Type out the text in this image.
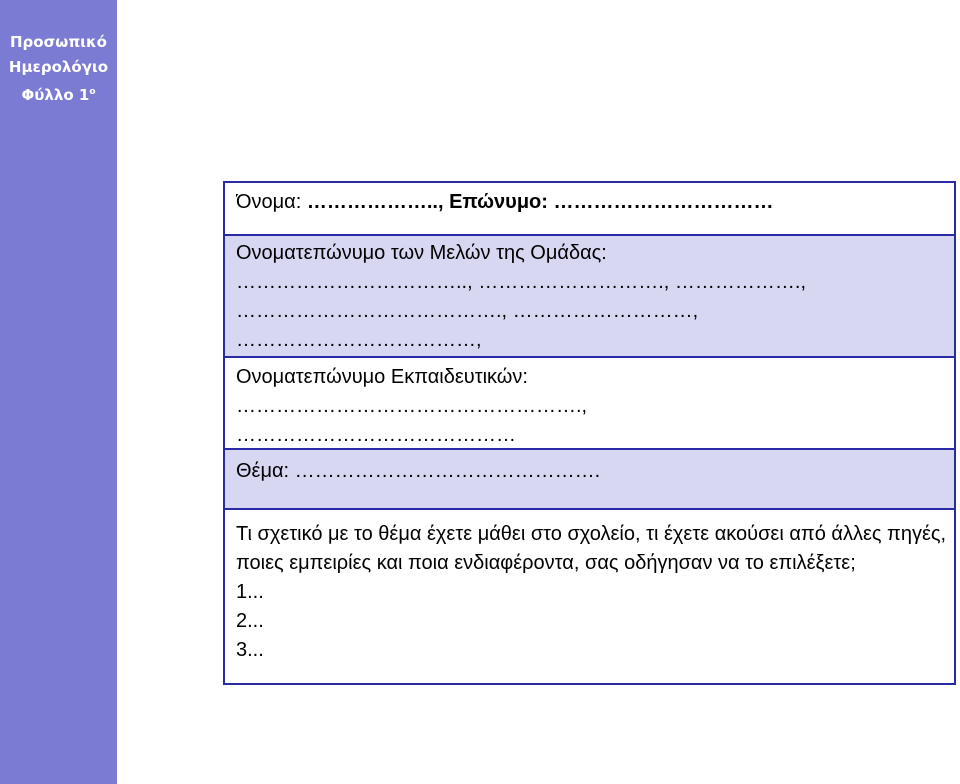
Προσωπικό
Ημερολόγιο
Φύλλο $1^o$
Όνομα: ……………….., Επώνυμο: ……………………………
Ονοματεπώνυμο των Μελών της Ομάδας:
…………………………….., ………………………., ……………….,
…………………………………., ………………………,
………………………………,
Ονοματεπώνυμο Εκπαιδευτικών:
…………………………………………….,
……………………………………
Θέμα: ……………………………………….
Τι σχετικό με το θέμα έχετε μάθει στο σχολείο, τι έχετε ακούσει από άλλες πηγές, ποιες εμπειρίες και ποια ενδιαφέροντα, σας οδήγησαν να το επιλέξετε;
1...
2...
3...
